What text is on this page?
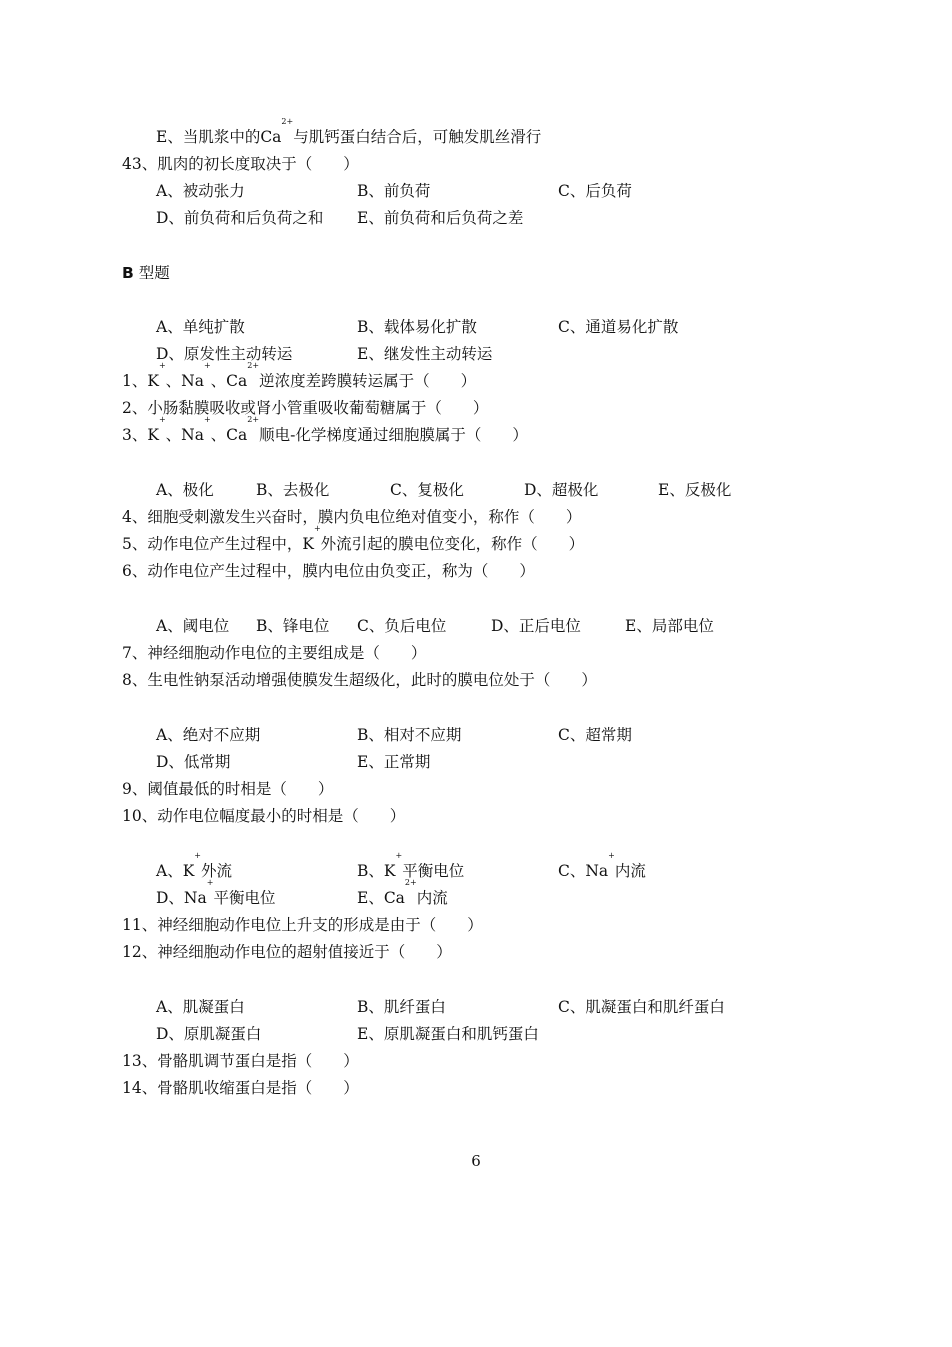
E、当肌浆中的$Ca^{2+}$与肌钙蛋白结合后，可触发肌丝滑行
43、肌肉的初长度取决于（　　）
A、被动张力	B、前负荷	C、后负荷
D、前负荷和后负荷之和 E、前负荷和后负荷之差
B 型题
A、单纯扩散	B、载体易化扩散	C、通道易化扩散
D、原发性主动转运	E、继发性主动转运
1、K+、Na+、$Ca^{2+}$逆浓度差跨膜转运属于（　　）
2、小肠黏膜吸收或肾小管重吸收葡萄糖属于（　　）
3、K+、Na+、$Ca^{2+}$顺电-化学梯度通过细胞膜属于（　　）
A、极化	B、去极化	C、复极化	D、超极化	E、反极化
4、细胞受刺激发生兴奋时，膜内负电位绝对值变小，称作（　　）
5、动作电位产生过程中，K+外流引起的膜电位变化，称作（　　）
6、动作电位产生过程中，膜内电位由负变正，称为（　　）
A、阈电位 B、锋电位 C、负后电位	D、正后电位	E、局部电位
7、神经细胞动作电位的主要组成是（　　）
8、生电性钠泵活动增强使膜发生超级化，此时的膜电位处于（　　）
A、绝对不应期	B、相对不应期	C、超常期
D、低常期	E、正常期
9、阈值最低的时相是（　　）
10、动作电位幅度最小的时相是（　　）
A、K+外流	B、K+平衡电位	C、Na+内流
D、Na+平衡电位	E、$Ca^{2+}$内流
11、神经细胞动作电位上升支的形成是由于（　　）
12、神经细胞动作电位的超射值接近于（　　）
A、肌凝蛋白	B、肌纤蛋白	C、肌凝蛋白和肌纤蛋白
D、原肌凝蛋白	E、原肌凝蛋白和肌钙蛋白
13、骨骼肌调节蛋白是指（　　）
14、骨骼肌收缩蛋白是指（　　）
6
